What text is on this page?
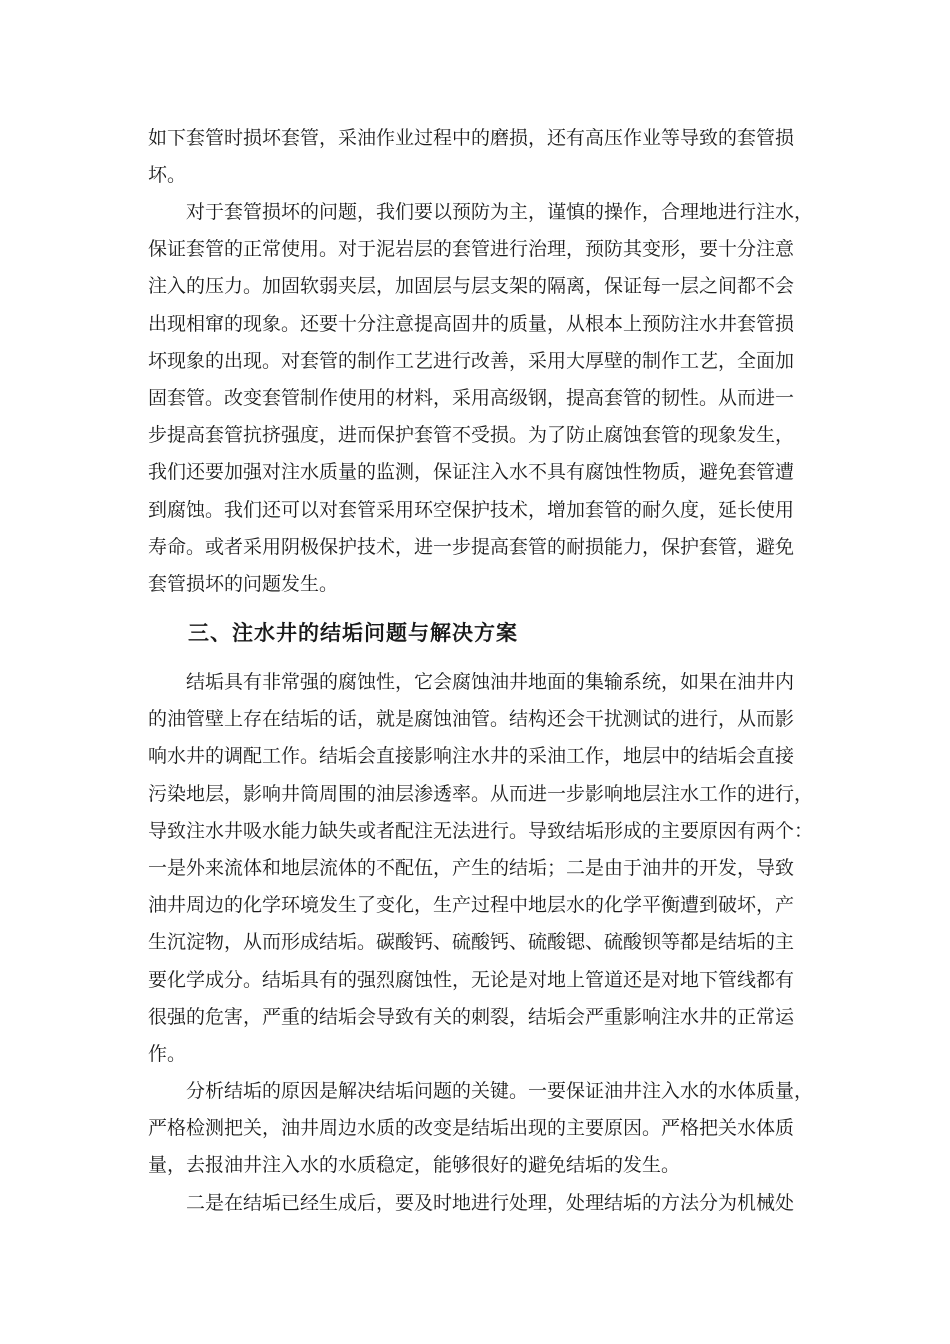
如下套管时损坏套管，采油作业过程中的磨损，还有高压作业等导致的套管损
坏。

　　对于套管损坏的问题，我们要以预防为主，谨慎的操作，合理地进行注水，
保证套管的正常使用。对于泥岩层的套管进行治理，预防其变形，要十分注意
注入的压力。加固软弱夹层，加固层与层支架的隔离，保证每一层之间都不会
出现相窜的现象。还要十分注意提高固井的质量，从根本上预防注水井套管损
坏现象的出现。对套管的制作工艺进行改善，采用大厚壁的制作工艺，全面加
固套管。改变套管制作使用的材料，采用高级钢，提高套管的韧性。从而进一
步提高套管抗挤强度，进而保护套管不受损。为了防止腐蚀套管的现象发生，
我们还要加强对注水质量的监测，保证注入水不具有腐蚀性物质，避免套管遭
到腐蚀。我们还可以对套管采用环空保护技术，增加套管的耐久度，延长使用
寿命。或者采用阴极保护技术，进一步提高套管的耐损能力，保护套管，避免
套管损坏的问题发生。

三、注水井的结垢问题与解决方案

　　结垢具有非常强的腐蚀性，它会腐蚀油井地面的集输系统，如果在油井内
的油管壁上存在结垢的话，就是腐蚀油管。结构还会干扰测试的进行，从而影
响水井的调配工作。结垢会直接影响注水井的采油工作，地层中的结垢会直接
污染地层，影响井筒周围的油层渗透率。从而进一步影响地层注水工作的进行，
导致注水井吸水能力缺失或者配注无法进行。导致结垢形成的主要原因有两个：
一是外来流体和地层流体的不配伍，产生的结垢；二是由于油井的开发，导致
油井周边的化学环境发生了变化，生产过程中地层水的化学平衡遭到破坏，产
生沉淀物，从而形成结垢。碳酸钙、硫酸钙、硫酸锶、硫酸钡等都是结垢的主
要化学成分。结垢具有的强烈腐蚀性，无论是对地上管道还是对地下管线都有
很强的危害，严重的结垢会导致有关的刺裂，结垢会严重影响注水井的正常运
作。

　　分析结垢的原因是解决结垢问题的关键。一要保证油井注入水的水体质量，
严格检测把关，油井周边水质的改变是结垢出现的主要原因。严格把关水体质
量，去报油井注入水的水质稳定，能够很好的避免结垢的发生。

　　二是在结垢已经生成后，要及时地进行处理，处理结垢的方法分为机械处
